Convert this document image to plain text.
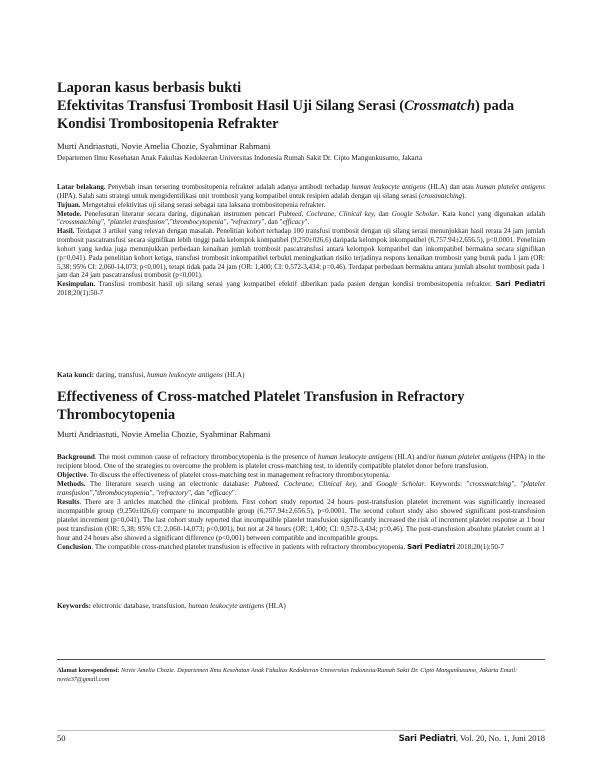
Laporan kasus berbasis bukti
Efektivitas Transfusi Trombosit Hasil Uji Silang Serasi (Crossmatch) pada Kondisi Trombositopenia Refrakter
Murti Andriastuti, Novie Amelia Chozie, Syahminar Rahmani
Departemen Ilmu Kesehatan Anak Fakultas Kedokteran Universitas Indonesia Rumah Sakit Dr. Cipto Mangunkusumo, Jakarta

Latar belakang. Penyebab insan tersering trombositopenia refrakter adalah adanya antibodi terhadap human leukocyte antigens (HLA) dan atau human platelet antigens (HPA). Salah satu strategi untuk mengidentifikasi unit trombosit yang kompatibel untuk resipien adalah dengan uji silang serasi (crossmatching).

Tujuan. Mengetahui efektivitas uji silang serasi sebagai tata laksana trombositopenia refrakter.

Metode. Penelusuran literatur secara daring, digunakan instrumen pencari Pubmed, Cochrane, Clinical key, dan Google Scholar. Kata kunci yang digunakan adalah "crossmatching", "platelet transfusion","thrombocytopenia", "refractory", dan "efficacy".

Hasil. Terdapat 3 artikel yang relevan dengan masalah. Penelitian kohort terhadap 100 transfusi trombosit dengan uji silang serasi menunjukkan hasil rerata 24 jam jumlah trombosit pascatransfusi secara signifikan lebih tinggi pada kelompok kompatibel (9,250±026,6) daripada kelompok inkompatibel (6,757.94±2,656.5), p<0.0001. Penelitian kohort yang kedua juga menunjukkan perbedaan kenaikan jumlah trombosit pascatransfusi antara kelompok kompatibel dan inkompatibel bermakna secara signifikan (p=0,041). Pada penelitian kohort ketiga, transfusi trombosit inkompatibel terbukti meningkatkan risiko terjadinya respons kenaikan trombosit yang buruk pada 1 jam (OR: 5,38; 95% CI: 2,060-14,073; p<0,001), tetapi tidak pada 24 jam (OR: 1,400; CI: 0,572-3,434; p=0,46). Terdapat perbedaan bermakna antara jumlah absolut trombosit pada 1 jam dan 24 jam pascatransfusi trombosit (p<0,001).

Kesimpulan. Transfusi trombosit hasil uji silang serasi yang kompatibel efektif diberikan pada pasien dengan kondisi trombositopenia refrakter. Sari Pediatri 2018;20(1):50-7

Kata kunci: daring, transfusi, human leukocyte antigens (HLA)
Effectiveness of Cross-matched Platelet Transfusion in Refractory Thrombocytopenia
Murti Andriastuti, Novie Amelia Chozie, Syahminar Rahmani

Background. The most common cause of refractory thrombocytopenia is the presence of human leukocyte antigens (HLA) and/or human platelet antigens (HPA) in the recipient blood. One of the strategies to overcome the problem is platelet cross-matching test, to identify compatible platelet donor before transfusion.

Objective. To discuss the effectiveness of platelet cross-matching test in management refractory thrombocytopenia.

Methods. The literature search using an electronic database: Pubmed, Cochrane, Clinical key, and Google Scholar. Keywords: "crossmatching", "platelet transfusion","thrombocytopenia", "refractory", dan "efficacy".

Results. There are 3 articles matched the clinical problem. First cohort study reported 24 hours post-transfusion platelet increment was significantly increased incompatible group (9,250±026,6) compare to incompatible group (6,757.94±2,656.5), p<0.0001. The second cohort study also showed significant post-transfusion platelet increment (p=0,041). The last cohort study reported that incompatible platelet transfusion significantly increased the risk of increment platelet response at 1 hour post transfusion (OR: 5,38; 95% CI: 2,060-14,073; p<0,001), but not at 24 hours (OR: 1,400; CI: 0,572-3,434; p=0,46). The post-transfusion absolute platelet count at 1 hour and 24 hours also showed a significant difference (p<0,001) between compatible and incompatible groups.

Conclusion. The compatible cross-matched platelet transfusion is effective in patients with refractory thrombocytopenia. Sari Pediatri 2018;20(1):50-7

Keywords: electronic database, transfusion, human leukocyte antigens (HLA)
Alamat korespondensi: Novie Amelia Chozie. Departemen Ilmu Kesehatan Anak Fakultas Kedokteran Universitas Indonesia/Rumah Sakit Dr. Cipto Mangunkusumo, Jakarta Email: novie37@gmail.com
50	Sari Pediatri, Vol. 20, No. 1, Juni 2018
